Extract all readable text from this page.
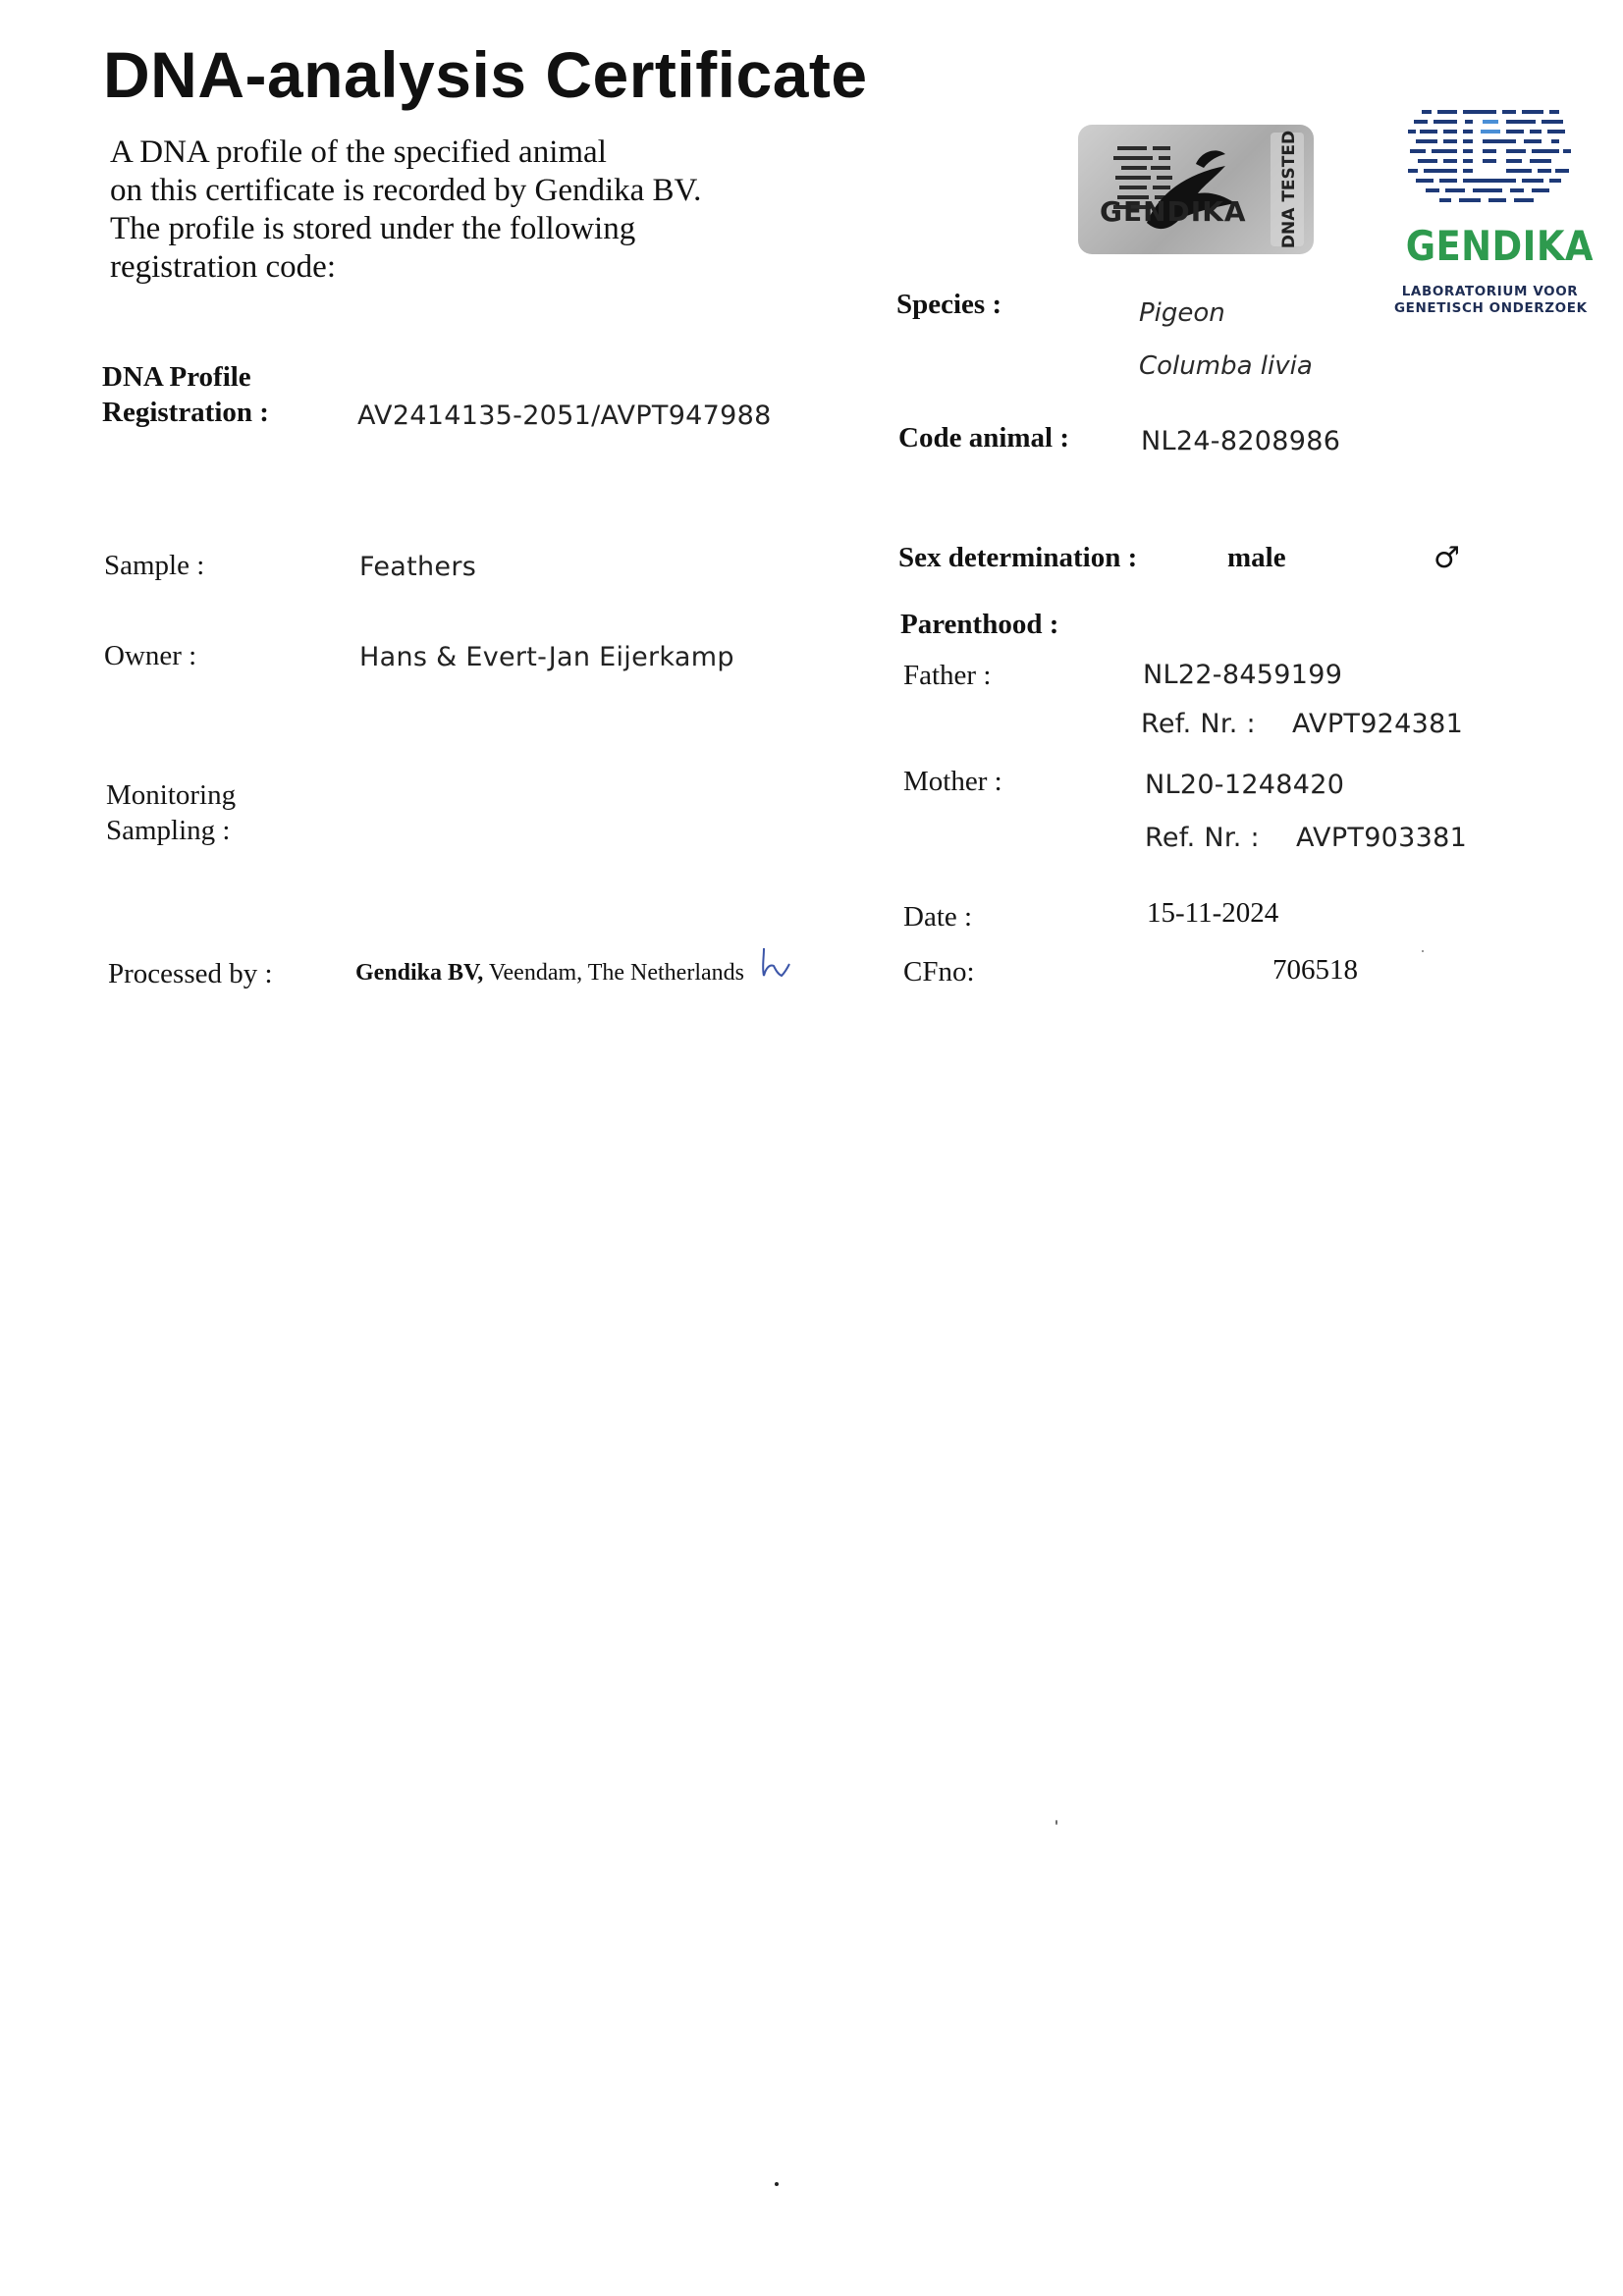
DNA-analysis Certificate
A DNA profile of the specified animal
on this certificate is recorded by Gendika BV.
The profile is stored under the following
registration code:
GENDIKA DNA TESTED	GENDIKA
LABORATORIUM VOOR
GENETISCH ONDERZOEK
DNA Profile
Registration :	AV2414135-2051/AVPT947988
Sample :	Feathers
Owner :	Hans & Evert-Jan Eijerkamp
Monitoring
Sampling :
Processed by :	Gendika BV, Veendam, The Netherlands
Species :	Pigeon
Columba livia
Code animal :	NL24-8208986
Sex determination :	male	♂
Parenthood :
Father :	NL22-8459199
Ref. Nr. : AVPT924381
Mother :	NL20-1248420
Ref. Nr. : AVPT903381
Date :	15-11-2024
CFno:	706518
